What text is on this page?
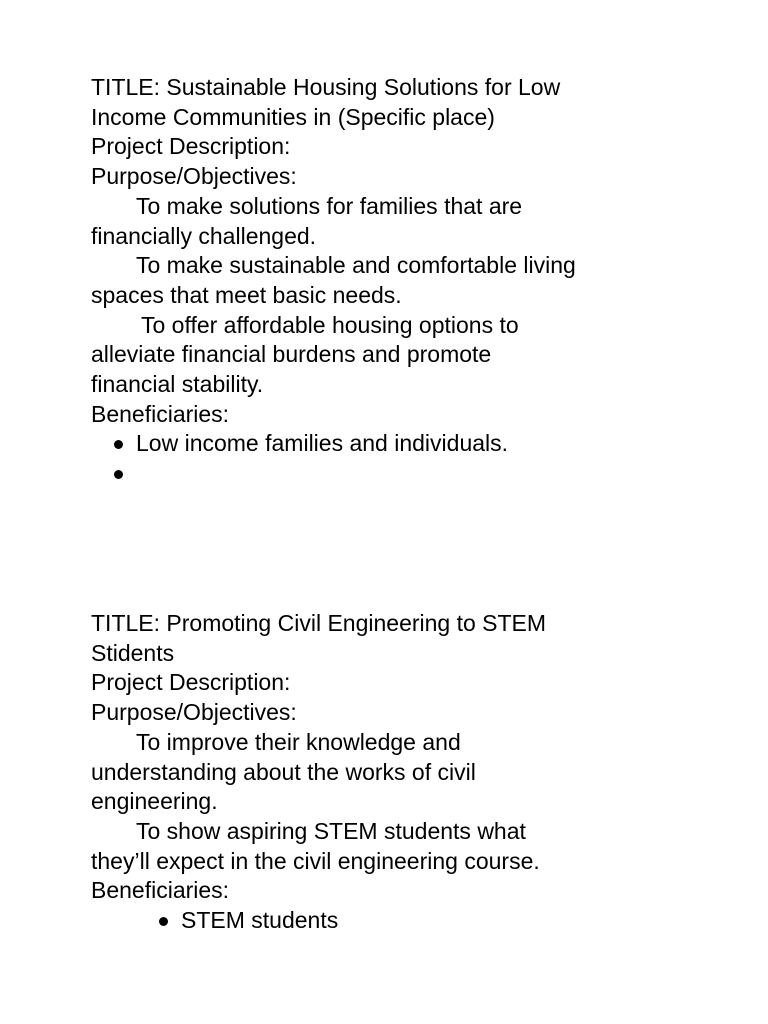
TITLE: Sustainable Housing Solutions for Low

Income Communities in (Specific place)

Project Description:

Purpose/Objectives:

To make solutions for families that are

financially challenged.

To make sustainable and comfortable living

spaces that meet basic needs.

To offer affordable housing options to

alleviate financial burdens and promote

financial stability.

Beneficiaries:

Low income families and individuals.

TITLE: Promoting Civil Engineering to STEM

Stidents

Project Description:

Purpose/Objectives:

To improve their knowledge and

understanding about the works of civil

engineering.

To show aspiring STEM students what

they’ll expect in the civil engineering course.

Beneficiaries:

STEM students
